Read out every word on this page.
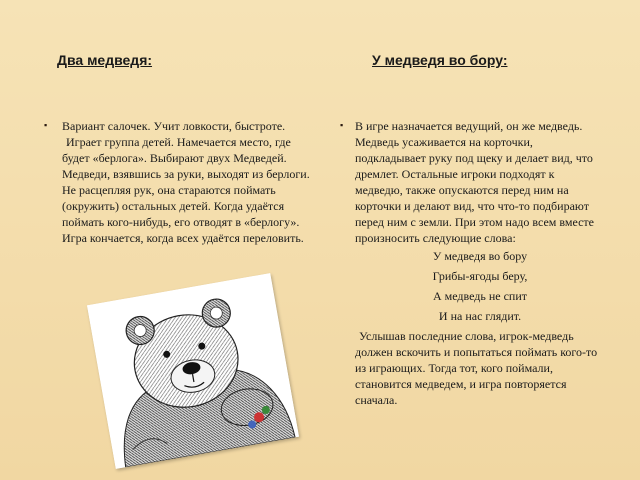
Два медведя:	У медведя во бору:
▪ Вариант салочек. Учит ловкости, быстроте.

Играет группа детей. Намечается место, где будет «берлога». Выбирают двух Медведей. Медведи, взявшись за руки, выходят из берлоги. Не расцепляя рук, она стараются поймать (окружить) остальных детей. Когда удаётся поймать кого-нибудь, его отводят в «берлогу». Игра кончается, когда всех удаётся переловить.

▪ В игре назначается ведущий, он же медведь. Медведь усаживается на корточки, подкладывает руку под щеку и делает вид, что дремлет. Остальные игроки подходят к медведю, также опускаются перед ним на корточки и делают вид, что что-то подбирают перед ним с земли. При этом надо всем вместе произносить следующие слова:

У медведя во бору

Грибы-ягоды беру,

А медведь не спит

И на нас глядит.

Услышав последние слова, игрок-медведь должен вскочить и попытаться поймать кого-то из играющих. Тогда тот, кого поймали, становится медведем, и игра повторяется сначала.
